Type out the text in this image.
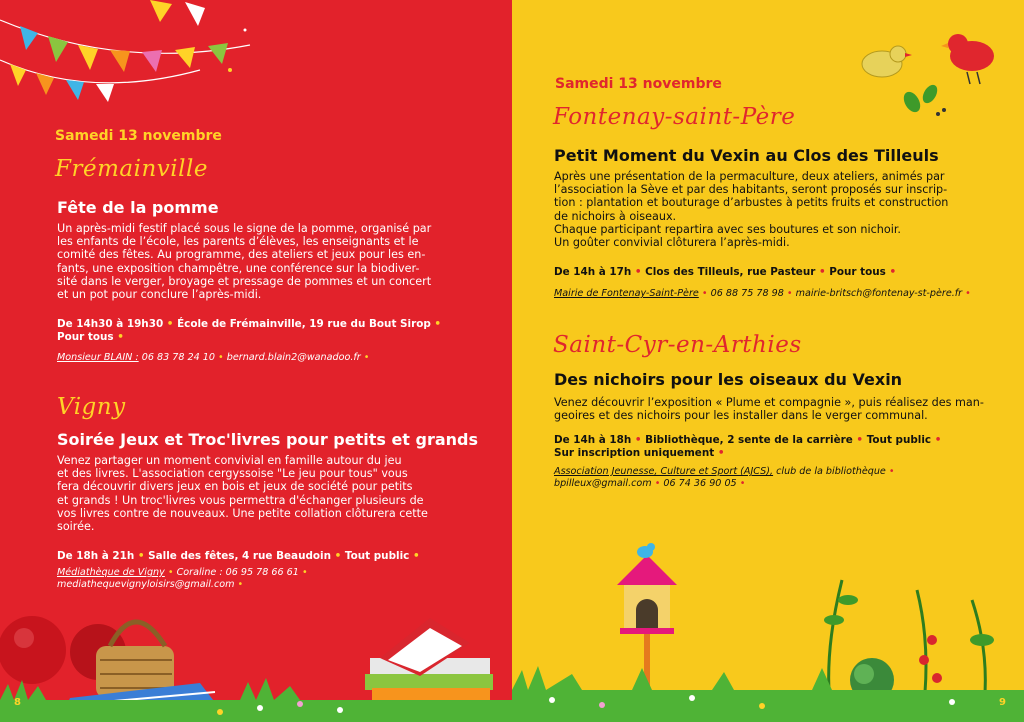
Samedi 13 novembre
Frémainville
Fête de la pomme
Un après-midi festif placé sous le signe de la pomme, organisé par
les enfants de l’école, les parents d’élèves, les enseignants et le
comité des fêtes. Au programme, des ateliers et jeux pour les en-
fants, une exposition champêtre, une conférence sur la biodiver-
sité dans le verger, broyage et pressage de pommes et un concert
et un pot pour conclure l’après-midi.
De 14h30 à 19h30 • École de Frémainville, 19 rue du Bout Sirop •
Pour tous •
Monsieur BLAIN : 06 83 78 24 10 • bernard.blain2@wanadoo.fr •
Vigny
Soirée Jeux et Troc'livres pour petits et grands
Venez partager un moment convivial en famille autour du jeu
et des livres. L'association cergyssoise "Le jeu pour tous" vous
fera découvrir divers jeux en bois et jeux de société pour petits
et grands ! Un troc'livres vous permettra d'échanger plusieurs de
vos livres contre de nouveaux. Une petite collation clôturera cette
soirée.
De 18h à 21h • Salle des fêtes, 4 rue Beaudoin • Tout public •
Médiathèque de Vigny • Coraline : 06 95 78 66 61 •
mediathequevignyloisirs@gmail.com •
8
Samedi 13 novembre
Fontenay-saint-Père
Petit Moment du Vexin au Clos des Tilleuls
Après une présentation de la permaculture, deux ateliers, animés par
l’association la Sève et par des habitants, seront proposés sur inscrip-
tion : plantation et bouturage d’arbustes à petits fruits et construction
de nichoirs à oiseaux.
Chaque participant repartira avec ses boutures et son nichoir.
Un goûter convivial clôturera l’après-midi.
De 14h à 17h • Clos des Tilleuls, rue Pasteur • Pour tous •
Mairie de Fontenay-Saint-Père • 06 88 75 78 98 • mairie-britsch@fontenay-st-père.fr •
Saint-Cyr-en-Arthies
Des nichoirs pour les oiseaux du Vexin
Venez découvrir l’exposition « Plume et compagnie », puis réalisez des man-
geoires et des nichoirs pour les installer dans le verger communal.
De 14h à 18h • Bibliothèque, 2 sente de la carrière • Tout public •
Sur inscription uniquement •
Association Jeunesse, Culture et Sport (AJCS), club de la bibliothèque •
bpilleux@gmail.com • 06 74 36 90 05 •
9
